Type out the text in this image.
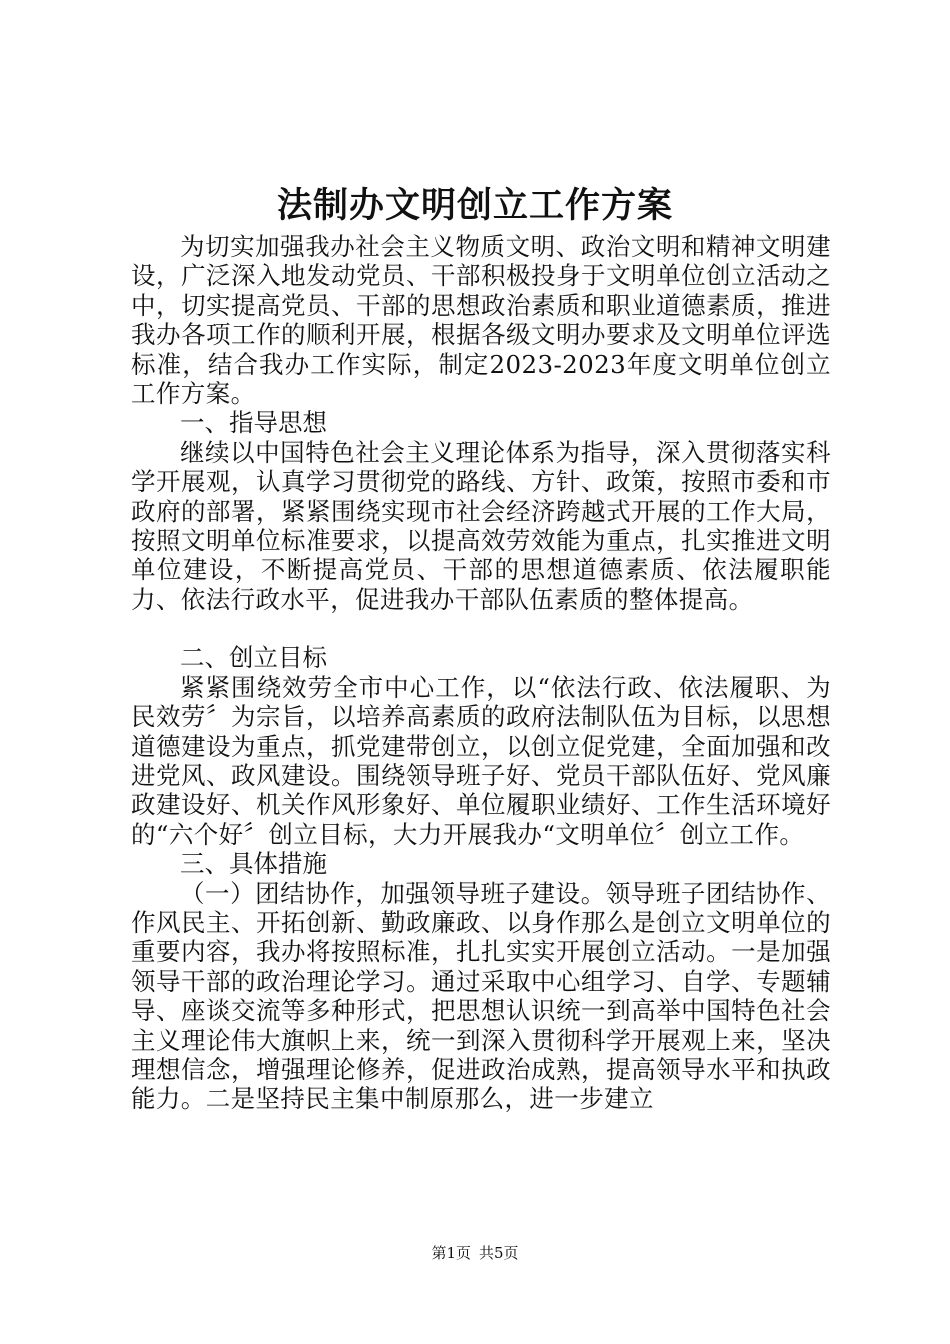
法制办文明创立工作方案

为切实加强我办社会主义物质文明、政治文明和精神文明建设，广泛深入地发动党员、干部积极投身于文明单位创立活动之中，切实提高党员、干部的思想政治素质和职业道德素质，推进我办各项工作的顺利开展，根据各级文明办要求及文明单位评选标准，结合我办工作实际，制定2023-2023年度文明单位创立工作方案。

一、指导思想

继续以中国特色社会主义理论体系为指导，深入贯彻落实科学开展观，认真学习贯彻党的路线、方针、政策，按照市委和市政府的部署，紧紧围绕实现市社会经济跨越式开展的工作大局，按照文明单位标准要求，以提高效劳效能为重点，扎实推进文明单位建设，不断提高党员、干部的思想道德素质、依法履职能力、依法行政水平，促进我办干部队伍素质的整体提高。

二、创立目标

紧紧围绕效劳全市中心工作，以“依法行政、依法履职、为民效劳〞为宗旨，以培养高素质的政府法制队伍为目标，以思想道德建设为重点，抓党建带创立，以创立促党建，全面加强和改进党风、政风建设。围绕领导班子好、党员干部队伍好、党风廉政建设好、机关作风形象好、单位履职业绩好、工作生活环境好的“六个好〞创立目标，大力开展我办“文明单位〞创立工作。

三、具体措施

（一）团结协作，加强领导班子建设。领导班子团结协作、作风民主、开拓创新、勤政廉政、以身作那么是创立文明单位的重要内容，我办将按照标准，扎扎实实开展创立活动。一是加强领导干部的政治理论学习。通过采取中心组学习、自学、专题辅导、座谈交流等多种形式，把思想认识统一到高举中国特色社会主义理论伟大旗帜上来，统一到深入贯彻科学开展观上来，坚决理想信念，增强理论修养，促进政治成熟，提高领导水平和执政能力。二是坚持民主集中制原那么，进一步建立

第1页 共5页
